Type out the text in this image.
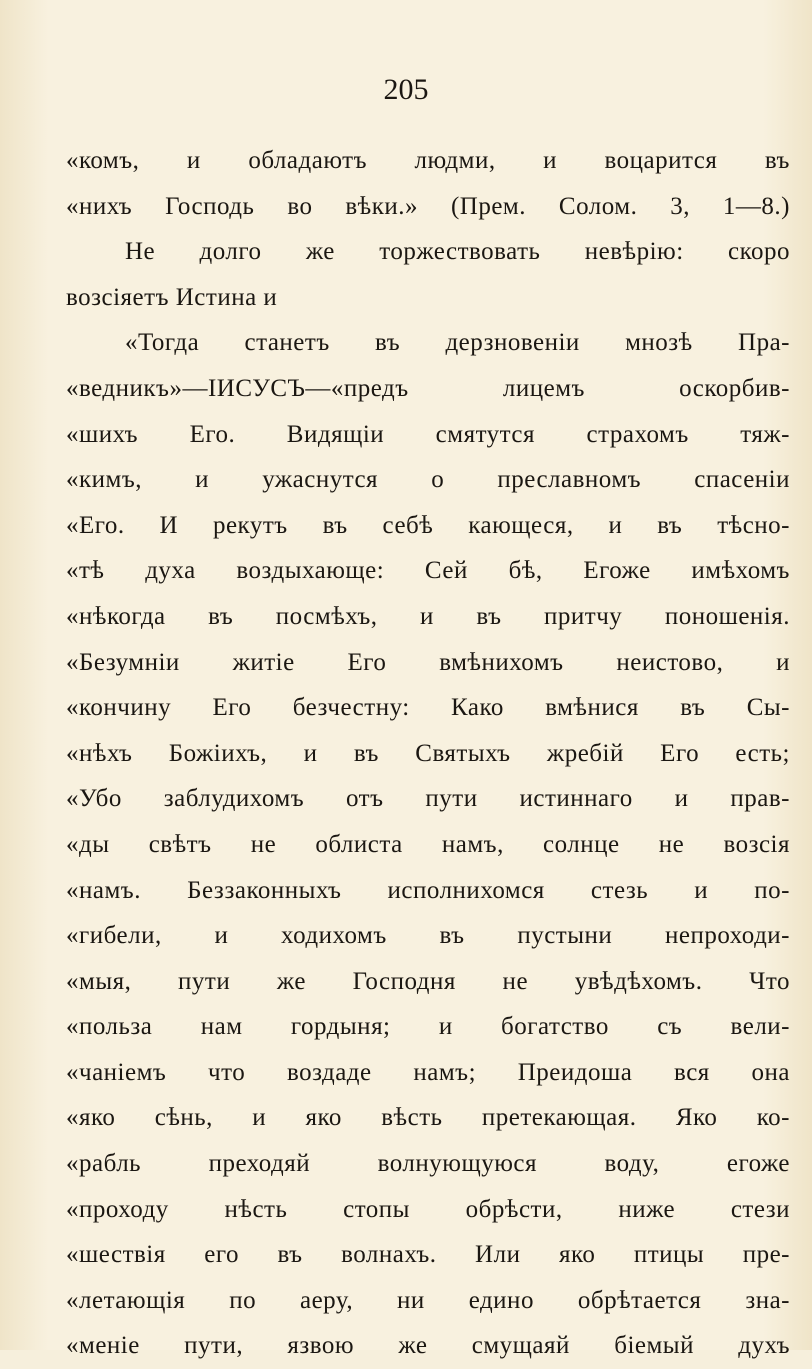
205
«комъ, и обладаютъ людми, и воцарится въ
«нихъ Господь во вѣки.» (Прем. Солом. 3, 1—8.)
Не долго же торжествовать невѣрію: скоро
возсіяетъ Истина и
«Тогда станетъ въ дерзновеніи мнозѣ Пра-
«ведникъ»—ІИСУСЪ—«предъ лицемъ оскорбив-
«шихъ Его. Видящіи смятутся страхомъ тяж-
«кимъ, и ужаснутся о преславномъ спасеніи
«Его. И рекутъ въ себѣ кающеся, и въ тѣсно-
«тѣ духа воздыхающе: Сей бѣ, Егоже имѣхомъ
«нѣкогда въ посмѣхъ, и въ притчу поношенія.
«Безумніи житіе Его вмѣнихомъ неистово, и
«кончину Его безчестну: Како вмѣнися въ Сы-
«нѣхъ Божіихъ, и въ Святыхъ жребій Его есть;
«Убо заблудихомъ отъ пути истиннаго и прав-
«ды свѣтъ не облиста намъ, солнце не возсія
«намъ. Беззаконныхъ исполнихомся стезь и по-
«гибели, и ходихомъ въ пустыни непроходи-
«мыя, пути же Господня не увѣдѣхомъ. Что
«польза нам гордыня; и богатство съ вели-
«чаніемъ что воздаде намъ; Преидоша вся она
«яко сѣнь, и яко вѣсть претекающая. Яко ко-
«рабль преходяй волнующуюся воду, егоже
«проходу нѣсть стопы обрѣсти, ниже стези
«шествія его въ волнахъ. Или яко птицы пре-
«летающія по аеру, ни едино обрѣтается зна-
«меніе пути, язвою же смущаяй біемый духъ
